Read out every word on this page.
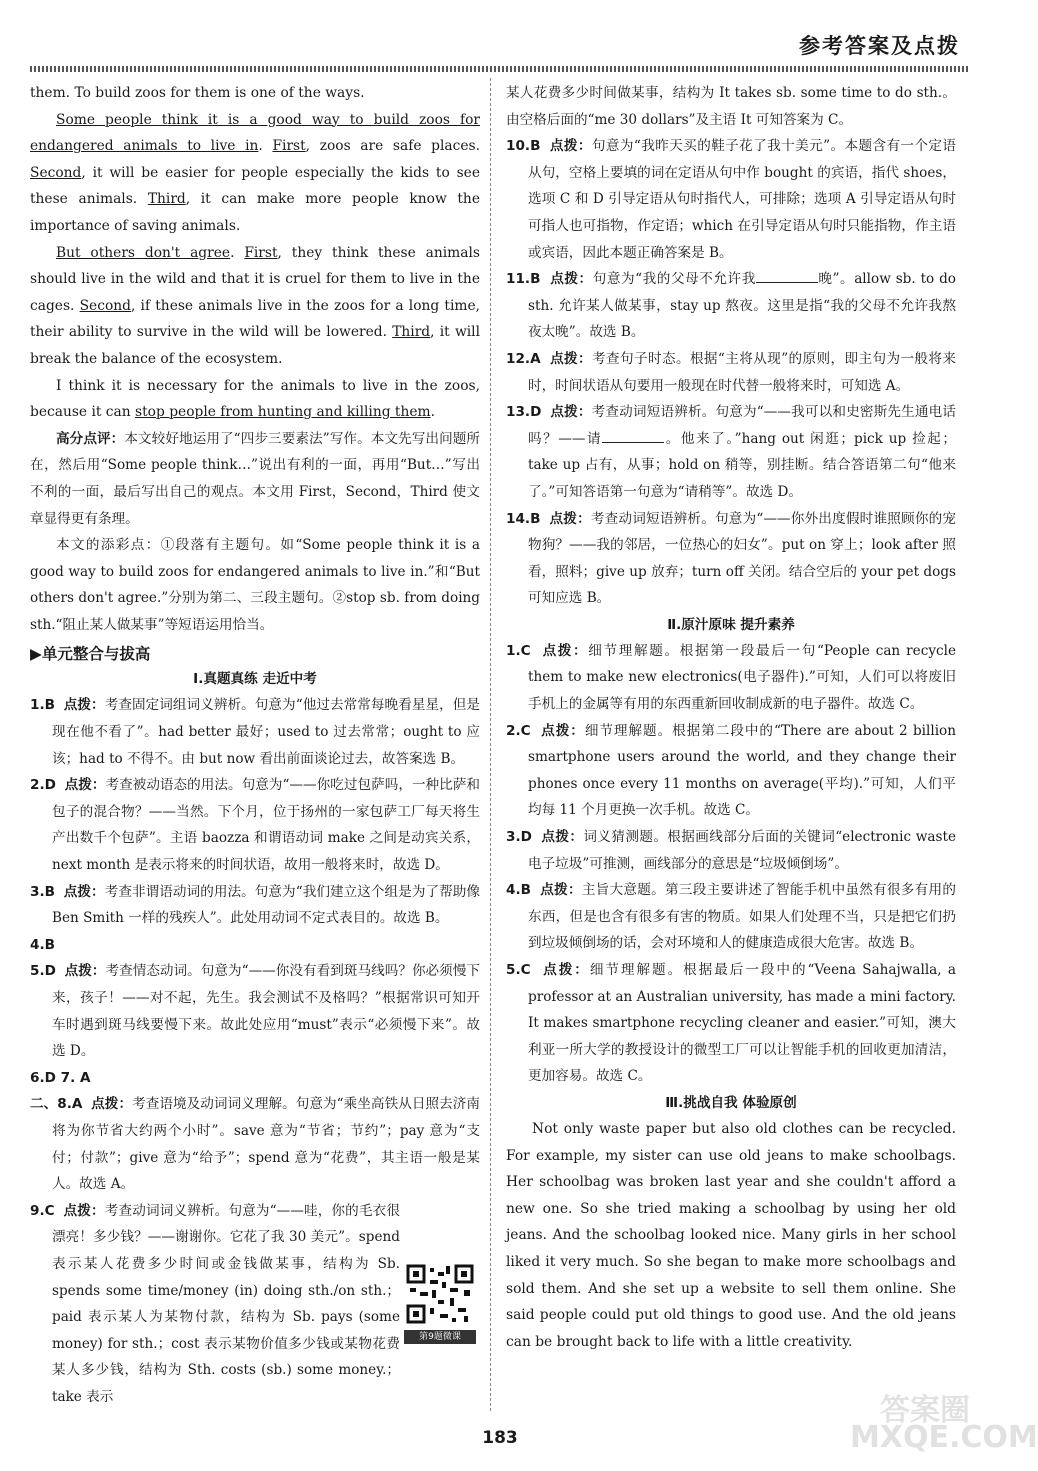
参考答案及点拨

them. To build zoos for them is one of the ways.

Some people think it is a good way to build zoos for endangered animals to live in. First, zoos are safe places. Second, it will be easier for people especially the kids to see these animals. Third, it can make more people know the importance of saving animals.

But others don't agree. First, they think these animals should live in the wild and that it is cruel for them to live in the cages. Second, if these animals live in the zoos for a long time, their ability to survive in the wild will be lowered. Third, it will break the balance of the ecosystem.

I think it is necessary for the animals to live in the zoos, because it can stop people from hunting and killing them.

高分点评：本文较好地运用了“四步三要素法”写作。本文先写出问题所在，然后用“Some people think…”说出有利的一面，再用“But…”写出不利的一面，最后写出自己的观点。本文用 First，Second，Third 使文章显得更有条理。

本文的添彩点：①段落有主题句。如“Some people think it is a good way to build zoos for endangered animals to live in.”和“But others don't agree.”分别为第二、三段主题句。②stop sb. from doing sth.“阻止某人做某事”等短语运用恰当。

▶单元整合与拔高
Ⅰ.真题真练 走近中考

1.B 点拨：考查固定词组词义辨析。句意为“他过去常常每晚看星星，但是现在他不看了”。had better 最好；used to 过去常常；ought to 应该；had to 不得不。由 but now 看出前面谈论过去，故答案选 B。

2.D 点拨：考查被动语态的用法。句意为“——你吃过包萨吗，一种比萨和包子的混合物？——当然。下个月，位于扬州的一家包萨工厂每天将生产出数千个包萨”。主语 baozza 和谓语动词 make 之间是动宾关系，next month 是表示将来的时间状语，故用一般将来时，故选 D。

3.B 点拨：考查非谓语动词的用法。句意为“我们建立这个组是为了帮助像 Ben Smith 一样的残疾人”。此处用动词不定式表目的。故选 B。

4.B

5.D 点拨：考查情态动词。句意为“——你没有看到斑马线吗？你必须慢下来，孩子！——对不起，先生。我会测试不及格吗？”根据常识可知开车时遇到斑马线要慢下来。故此处应用“must”表示“必须慢下来”。故选 D。

6.D 7. A

二、8.A 点拨：考查语境及动词词义理解。句意为“乘坐高铁从日照去济南将为你节省大约两个小时”。save 意为“节省；节约”；pay 意为“支付；付款”；give 意为“给予”；spend 意为“花费”，其主语一般是某人。故选 A。

9.C 点拨：考查动词词义辨析。句意为“——哇，你的毛衣很漂亮！多少钱？——谢谢你。它花了我 30 美元”。spend 表示某人花费多少时间或金钱做某事，结构为 Sb. spends some time/money (in) doing sth./on sth.；paid 表示某人为某物付款，结构为 Sb. pays (some money) for sth.；cost 表示某物价值多少钱或某物花费某人多少钱，结构为 Sth. costs (sb.) some money.；take 表示

第9题微课

某人花费多少时间做某事，结构为 It takes sb. some time to do sth.。由空格后面的“me 30 dollars”及主语 It 可知答案为 C。

10.B 点拨：句意为“我昨天买的鞋子花了我十美元”。本题含有一个定语从句，空格上要填的词在定语从句中作 bought 的宾语，指代 shoes，选项 C 和 D 引导定语从句时指代人，可排除；选项 A 引导定语从句时可指人也可指物，作定语；which 在引导定语从句时只能指物，作主语或宾语，因此本题正确答案是 B。

11.B 点拨：句意为“我的父母不允许我	晚”。allow sb. to do sth. 允许某人做某事，stay up 熬夜。这里是指“我的父母不允许我熬夜太晚”。故选 B。

12.A 点拨：考查句子时态。根据“主将从现”的原则，即主句为一般将来时，时间状语从句要用一般现在时代替一般将来时，可知选 A。

13.D 点拨：考查动词短语辨析。句意为“——我可以和史密斯先生通电话吗？——请	。他来了。”hang out 闲逛；pick up 捡起；take up 占有，从事；hold on 稍等，别挂断。结合答语第二句“他来了。”可知答语第一句意为“请稍等”。故选 D。

14.B 点拨：考查动词短语辨析。句意为“——你外出度假时谁照顾你的宠物狗？——我的邻居，一位热心的妇女”。put on 穿上；look after 照看，照料；give up 放弃；turn off 关闭。结合空后的 your pet dogs 可知应选 B。

Ⅱ.原汁原味 提升素养

1.C 点拨：细节理解题。根据第一段最后一句“People can recycle them to make new electronics(电子器件).”可知，人们可以将废旧手机上的金属等有用的东西重新回收制成新的电子器件。故选 C。

2.C 点拨：细节理解题。根据第二段中的“There are about 2 billion smartphone users around the world, and they change their phones once every 11 months on average(平均).”可知，人们平均每 11 个月更换一次手机。故选 C。

3.D 点拨：词义猜测题。根据画线部分后面的关键词“electronic waste 电子垃圾”可推测，画线部分的意思是“垃圾倾倒场”。

4.B 点拨：主旨大意题。第三段主要讲述了智能手机中虽然有很多有用的东西，但是也含有很多有害的物质。如果人们处理不当，只是把它们扔到垃圾倾倒场的话，会对环境和人的健康造成很大危害。故选 B。

5.C 点拨：细节理解题。根据最后一段中的“Veena Sahajwalla, a professor at an Australian university, has made a mini factory. It makes smartphone recycling cleaner and easier.”可知，澳大利亚一所大学的教授设计的微型工厂可以让智能手机的回收更加清洁，更加容易。故选 C。

Ⅲ.挑战自我 体验原创

Not only waste paper but also old clothes can be recycled. For example, my sister can use old jeans to make schoolbags. Her schoolbag was broken last year and she couldn't afford a new one. So she tried making a schoolbag by using her old jeans. And the schoolbag looked nice. Many girls in her school liked it very much. So she began to make more schoolbags and sold them. And she set up a website to sell them online. She said people could put old things to good use. And the old jeans can be brought back to life with a little creativity.

183	MXQE.COM
答案圈
